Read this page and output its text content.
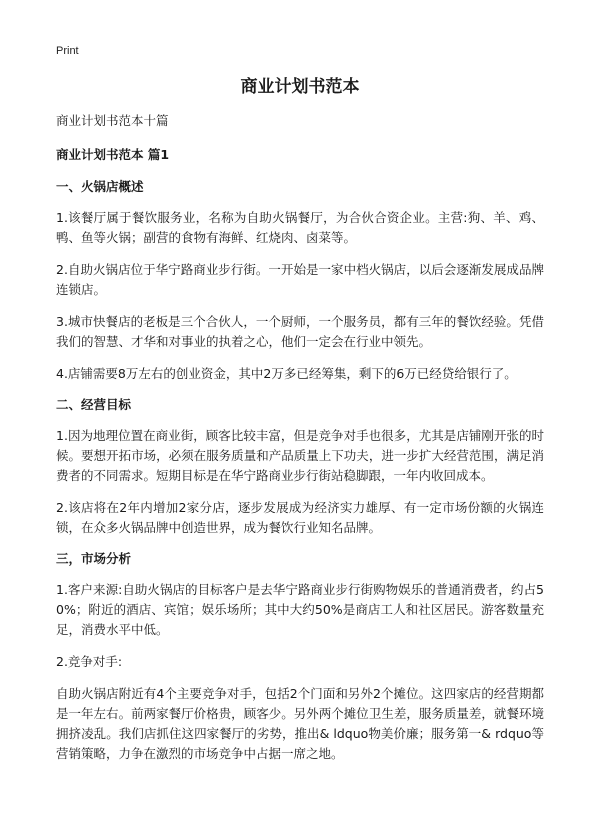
Print
商业计划书范本
商业计划书范本十篇
商业计划书范本 篇1
一、火锅店概述

1.该餐厅属于餐饮服务业，名称为自助火锅餐厅，为合伙合资企业。主营:狗、羊、鸡、鸭、鱼等火锅；副营的食物有海鲜、红烧肉、卤菜等。

2.自助火锅店位于华宁路商业步行街。一开始是一家中档火锅店，以后会逐渐发展成品牌连锁店。

3.城市快餐店的老板是三个合伙人，一个厨师，一个服务员，都有三年的餐饮经验。凭借我们的智慧、才华和对事业的执着之心，他们一定会在行业中领先。

4.店铺需要8万左右的创业资金，其中2万多已经筹集，剩下的6万已经贷给银行了。

二、经营目标

1.因为地理位置在商业街，顾客比较丰富，但是竞争对手也很多，尤其是店铺刚开张的时候。要想开拓市场，必须在服务质量和产品质量上下功夫，进一步扩大经营范围，满足消费者的不同需求。短期目标是在华宁路商业步行街站稳脚跟，一年内收回成本。

2.该店将在2年内增加2家分店，逐步发展成为经济实力雄厚、有一定市场份额的火锅连锁，在众多火锅品牌中创造世界，成为餐饮行业知名品牌。

三，市场分析

1.客户来源:自助火锅店的目标客户是去华宁路商业步行街购物娱乐的普通消费者，约占50%；附近的酒店、宾馆；娱乐场所；其中大约50%是商店工人和社区居民。游客数量充足，消费水平中低。

2.竞争对手:

自助火锅店附近有4个主要竞争对手，包括2个门面和另外2个摊位。这四家店的经营期都是一年左右。前两家餐厅价格贵，顾客少。另外两个摊位卫生差，服务质量差，就餐环境拥挤凌乱。我们店抓住这四家餐厅的劣势，推出& ldquo物美价廉；服务第一& rdquo等营销策略，力争在激烈的市场竞争中占据一席之地。
